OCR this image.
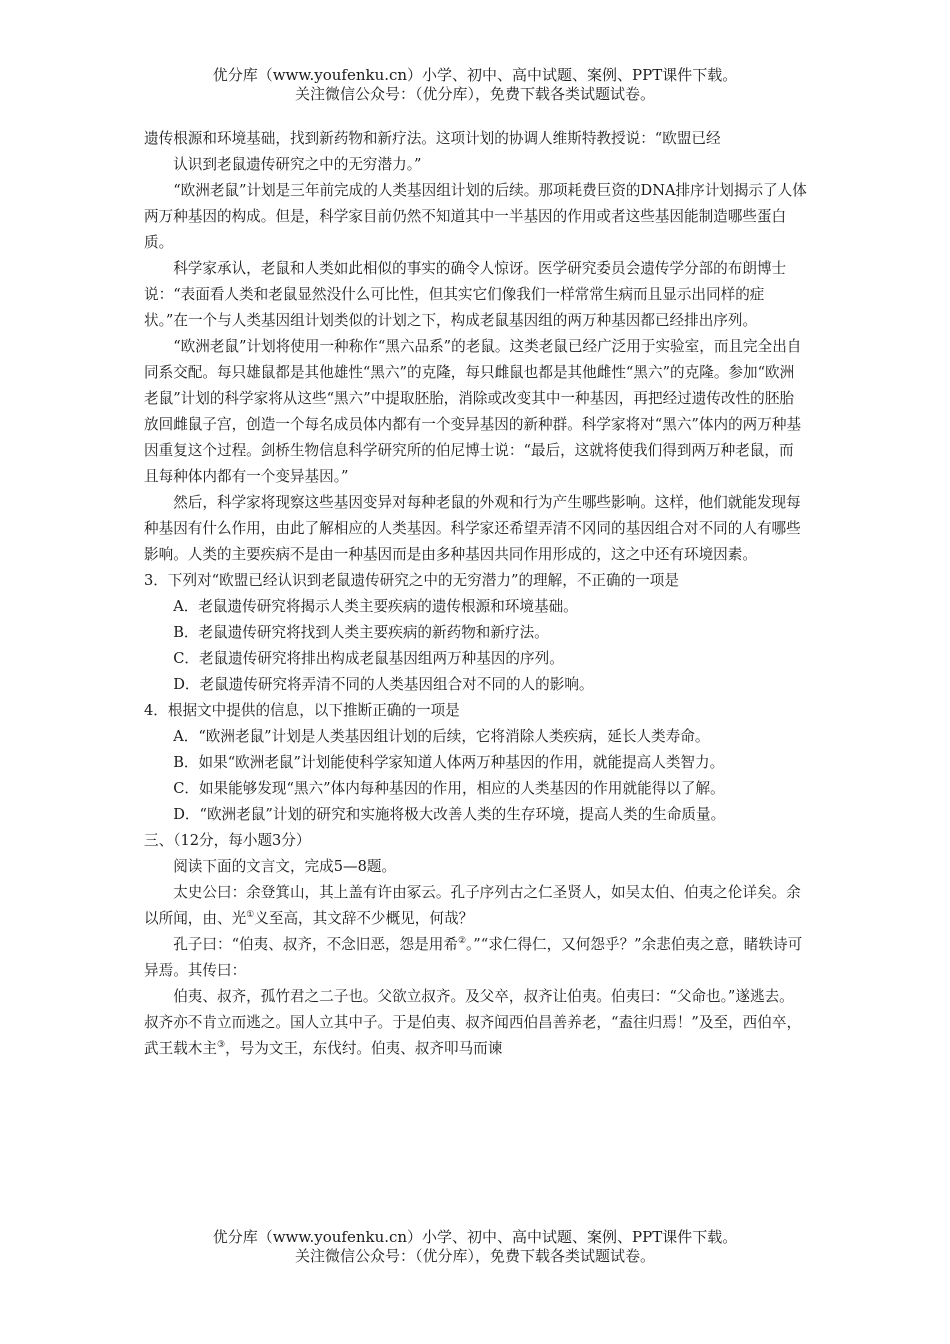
优分库（www.youfenku.cn）小学、初中、高中试题、案例、PPT课件下载。
关注微信公众号：（优分库），免费下载各类试题试卷。

遗传根源和环境基础，找到新药物和新疗法。这项计划的协调人维斯特教授说：“欧盟已经

认识到老鼠遗传研究之中的无穷潜力。”

“欧洲老鼠”计划是三年前完成的人类基因组计划的后续。那项耗费巨资的DNA排序计划揭示了人体两万种基因的构成。但是，科学家目前仍然不知道其中一半基因的作用或者这些基因能制造哪些蛋白质。

科学家承认，老鼠和人类如此相似的事实的确令人惊讶。医学研究委员会遗传学分部的布朗博士说：“表面看人类和老鼠显然没什么可比性，但其实它们像我们一样常常生病而且显示出同样的症状。”在一个与人类基因组计划类似的计划之下，构成老鼠基因组的两万种基因都已经排出序列。

“欧洲老鼠”计划将使用一种称作“黑六品系”的老鼠。这类老鼠已经广泛用于实验室，而且完全出自同系交配。每只雄鼠都是其他雄性“黑六”的克隆，每只雌鼠也都是其他雌性“黑六”的克隆。参加“欧洲老鼠”计划的科学家将从这些“黑六”中提取胚胎，消除或改变其中一种基因，再把经过遗传改性的胚胎放回雌鼠子宫，创造一个每名成员体内都有一个变异基因的新种群。科学家将对“黑六”体内的两万种基因重复这个过程。剑桥生物信息科学研究所的伯尼博士说：“最后，这就将使我们得到两万种老鼠，而且每种体内都有一个变异基因。”

然后，科学家将现察这些基因变异对每种老鼠的外观和行为产生哪些影响。这样，他们就能发现每种基因有什么作用，由此了解相应的人类基因。科学家还希望弄清不冈同的基因组合对不同的人有哪些影响。人类的主要疾病不是由一种基因而是由多种基因共同作用形成的，这之中还有环境因素。

3．下列对“欧盟已经认识到老鼠遗传研究之中的无穷潜力”的理解，不正确的一项是

A．老鼠遗传研究将揭示人类主要疾病的遗传根源和环境基础。

B．老鼠遗传研究将找到人类主要疾病的新药物和新疗法。

C．老鼠遗传研究将排出构成老鼠基因组两万种基因的序列。

D．老鼠遗传研究将弄清不同的人类基因组合对不同的人的影响。

4．根据文中提供的信息，以下推断正确的一项是

A．“欧洲老鼠”计划是人类基因组计划的后续，它将消除人类疾病，延长人类寿命。

B．如果“欧洲老鼠”计划能使科学家知道人体两万种基因的作用，就能提高人类智力。

C．如果能够发现“黑六”体内每种基因的作用，相应的人类基因的作用就能得以了解。

D．“欧洲老鼠”计划的研究和实施将极大改善人类的生存环境，提高人类的生命质量。

三、（12分，每小题3分）

阅读下面的文言文，完成5—8题。

太史公曰：余登箕山，其上盖有许由冢云。孔子序列古之仁圣贤人，如吴太伯、伯夷之伦详矣。余以所闻，由、光①义至高，其文辞不少概见，何哉？

孔子曰：“伯夷、叔齐，不念旧恶，怨是用希②。”“求仁得仁，又何怨乎？”余悲伯夷之意，睹轶诗可异焉。其传曰：

伯夷、叔齐，孤竹君之二子也。父欲立叔齐。及父卒，叔齐让伯夷。伯夷曰：“父命也。”遂逃去。叔齐亦不肯立而逃之。国人立其中子。于是伯夷、叔齐闻西伯昌善养老，“盍往归焉！”及至，西伯卒，武王载木主③，号为文王，东伐纣。伯夷、叔齐叩马而谏

优分库（www.youfenku.cn）小学、初中、高中试题、案例、PPT课件下载。
关注微信公众号：（优分库），免费下载各类试题试卷。
